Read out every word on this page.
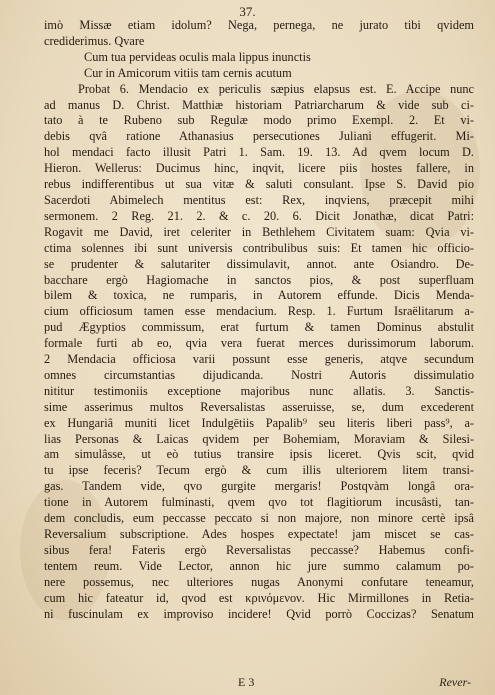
37.
imò Missæ etiam idolum? Nega, pernega, ne jurato tibi qvidem
crediderimus. Qvare
Cum tua pervideas oculis mala lippus inunctis
Cur in Amicorum vitiis tam cernis acutum
Probat 6. Mendacio ex periculis sæpius elapsus est. E. Accipe nunc
ad manus D. Christ. Matthiæ historiam Patriarcharum & vide sub ci-
tato à te Rubeno sub Regulæ modo primo Exempl. 2. Et vi-
debis qvâ ratione Athanasius persecutiones Juliani effugerit. Mi-
hol mendaci facto illusit Patri 1. Sam. 19. 13. Ad qvem locum D.
Hieron. Wellerus: Ducimus hinc, inqvit, licere piis hostes fallere, in
rebus indifferentibus ut sua vitæ & saluti consulant. Ipse S. David pio
Sacerdoti Abimelech mentitus est: Rex, inqviens, præcepit mihi
sermonem. 2 Reg. 21. 2. & c. 20. 6. Dicit Jonathæ, dicat Patri:
Rogavit me David, iret celeriter in Bethlehem Civitatem suam: Qvia vi-
ctima solennes ibi sunt universis contribulibus suis: Et tamen hic officio-
se prudenter & salutariter dissimulavit, annot. ante Osiandro. De-
bacchare ergò Hagiomache in sanctos pios, & post superfluam
bilem & toxica, ne rumparis, in Autorem effunde. Dicis Menda-
cium officiosum tamen esse mendacium. Resp. 1. Furtum Israëlitarum a-
pud Ægyptios commissum, erat furtum & tamen Dominus abstulit
formale furti ab eo, qvia vera fuerat merces durissimorum laborum.
2 Mendacia officiosa varii possunt esse generis, atqve secundum
omnes circumstantias dijudicanda. Nostri Autoris dissimulatio
nititur testimoniis exceptione majoribus nunc allatis. 3. Sanctis-
sime asserimus multos Reversalistas asseruisse, se, dum excederent
ex Hungariâ muniti licet Indulgētiis Papalib⁹ seu literis liberi pass⁹, a-
lias Personas & Laicas qvidem per Bohemiam, Moraviam & Silesi-
am simulâsse, ut eò tutius transire ipsis liceret. Qvis scit, qvid
tu ipse feceris? Tecum ergò & cum illis ulteriorem litem transi-
gas. Tandem vide, qvo gurgite mergaris! Postqvàm longâ ora-
tione in Autorem fulminasti, qvem qvo tot flagitiorum incusâsti, tan-
dem concludis, eum peccasse peccato si non majore, non minore certè ipsâ
Reversalium subscriptione. Ades hospes expectate! jam miscet se cas-
sibus fera! Fateris ergò Reversalistas peccasse? Habemus confi-
tentem reum. Vide Lector, annon hic jure summo calamum po-
nere possemus, nec ulteriores nugas Anonymi confutare teneamur,
cum hic fateatur id, qvod est κρινόμενον. Hic Mirmillones in Retia-
ni fuscinulam ex improviso incidere! Qvid porrò Coccizas? Senatum
E 3	Rever-
